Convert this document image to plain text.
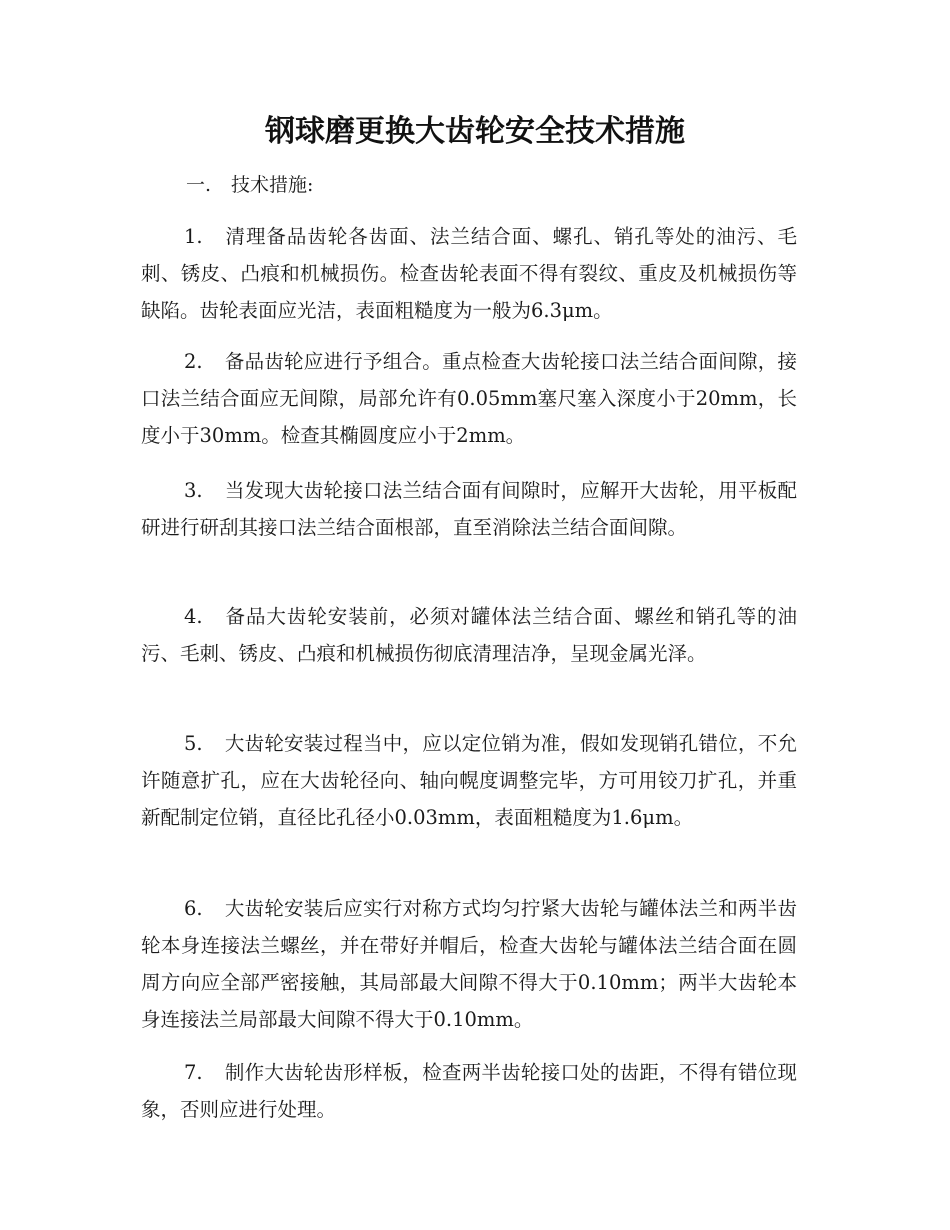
钢球磨更换大齿轮安全技术措施
一. 技术措施:

1. 清理备品齿轮各齿面、法兰结合面、螺孔、销孔等处的油污、毛刺、锈皮、凸痕和机械损伤。检查齿轮表面不得有裂纹、重皮及机械损伤等缺陷。齿轮表面应光洁，表面粗糙度为一般为6.3μm。

2. 备品齿轮应进行予组合。重点检查大齿轮接口法兰结合面间隙，接口法兰结合面应无间隙，局部允许有0.05mm塞尺塞入深度小于20mm，长度小于30mm。检查其椭圆度应小于2mm。

3. 当发现大齿轮接口法兰结合面有间隙时，应解开大齿轮，用平板配研进行研刮其接口法兰结合面根部，直至消除法兰结合面间隙。

4. 备品大齿轮安装前，必须对罐体法兰结合面、螺丝和销孔等的油污、毛刺、锈皮、凸痕和机械损伤彻底清理洁净，呈现金属光泽。

5. 大齿轮安装过程当中，应以定位销为准，假如发现销孔错位，不允许随意扩孔，应在大齿轮径向、轴向幌度调整完毕，方可用铰刀扩孔，并重新配制定位销，直径比孔径小0.03mm，表面粗糙度为1.6μm。

6. 大齿轮安装后应实行对称方式均匀拧紧大齿轮与罐体法兰和两半齿轮本身连接法兰螺丝，并在带好并帽后，检查大齿轮与罐体法兰结合面在圆周方向应全部严密接触，其局部最大间隙不得大于0.10mm；两半大齿轮本身连接法兰局部最大间隙不得大于0.10mm。

7. 制作大齿轮齿形样板，检查两半齿轮接口处的齿距，不得有错位现象，否则应进行处理。
